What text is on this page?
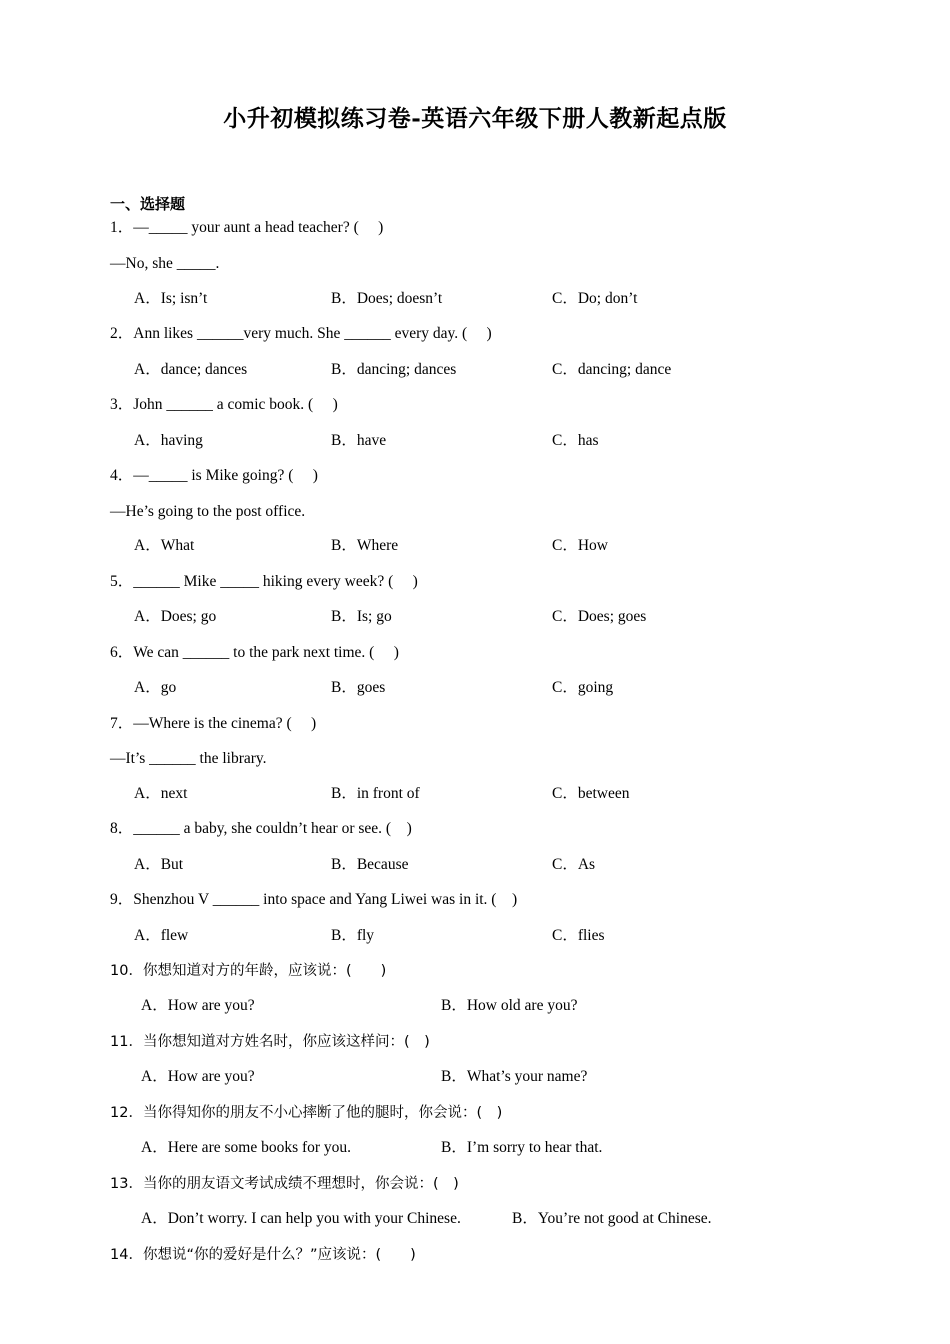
小升初模拟练习卷-英语六年级下册人教新起点版
一、选择题
1．—_____ your aunt a head teacher? (　 )
—No, she _____.
A．Is; isn’t	B．Does; doesn’t	C．Do; don’t
2．Ann likes ______very much. She ______ every day. (　 )
A．dance; dances	B．dancing; dances	C．dancing; dance
3．John ______ a comic book. (　 )
A．having	B．have	C．has
4．—_____ is Mike going? (　 )
—He’s going to the post office.
A．What	B．Where	C．How
5．______ Mike _____ hiking every week? (　 )
A．Does; go	B．Is; go	C．Does; goes
6．We can ______ to the park next time. (　 )
A．go	B．goes	C．going
7．—Where is the cinema? (　 )
—It’s ______ the library.
A．next	B．in front of	C．between
8．______ a baby, she couldn’t hear or see. (　)
A．But	B．Because	C．As
9．Shenzhou V ______ into space and Yang Liwei was in it. (　)
A．flew	B．fly	C．flies
10．你想知道对方的年龄，应该说：(　　)
A．How are you?	B．How old are you?
11．当你想知道对方姓名时，你应该这样问：(　)
A．How are you?	B．What’s your name?
12．当你得知你的朋友不小心摔断了他的腿时，你会说：(　)
A．Here are some books for you.	B．I’m sorry to hear that.
13．当你的朋友语文考试成绩不理想时，你会说：(　)
A．Don’t worry. I can help you with your Chinese.	B．You’re not good at Chinese.
14．你想说“你的爱好是什么？”应该说：(　　)
